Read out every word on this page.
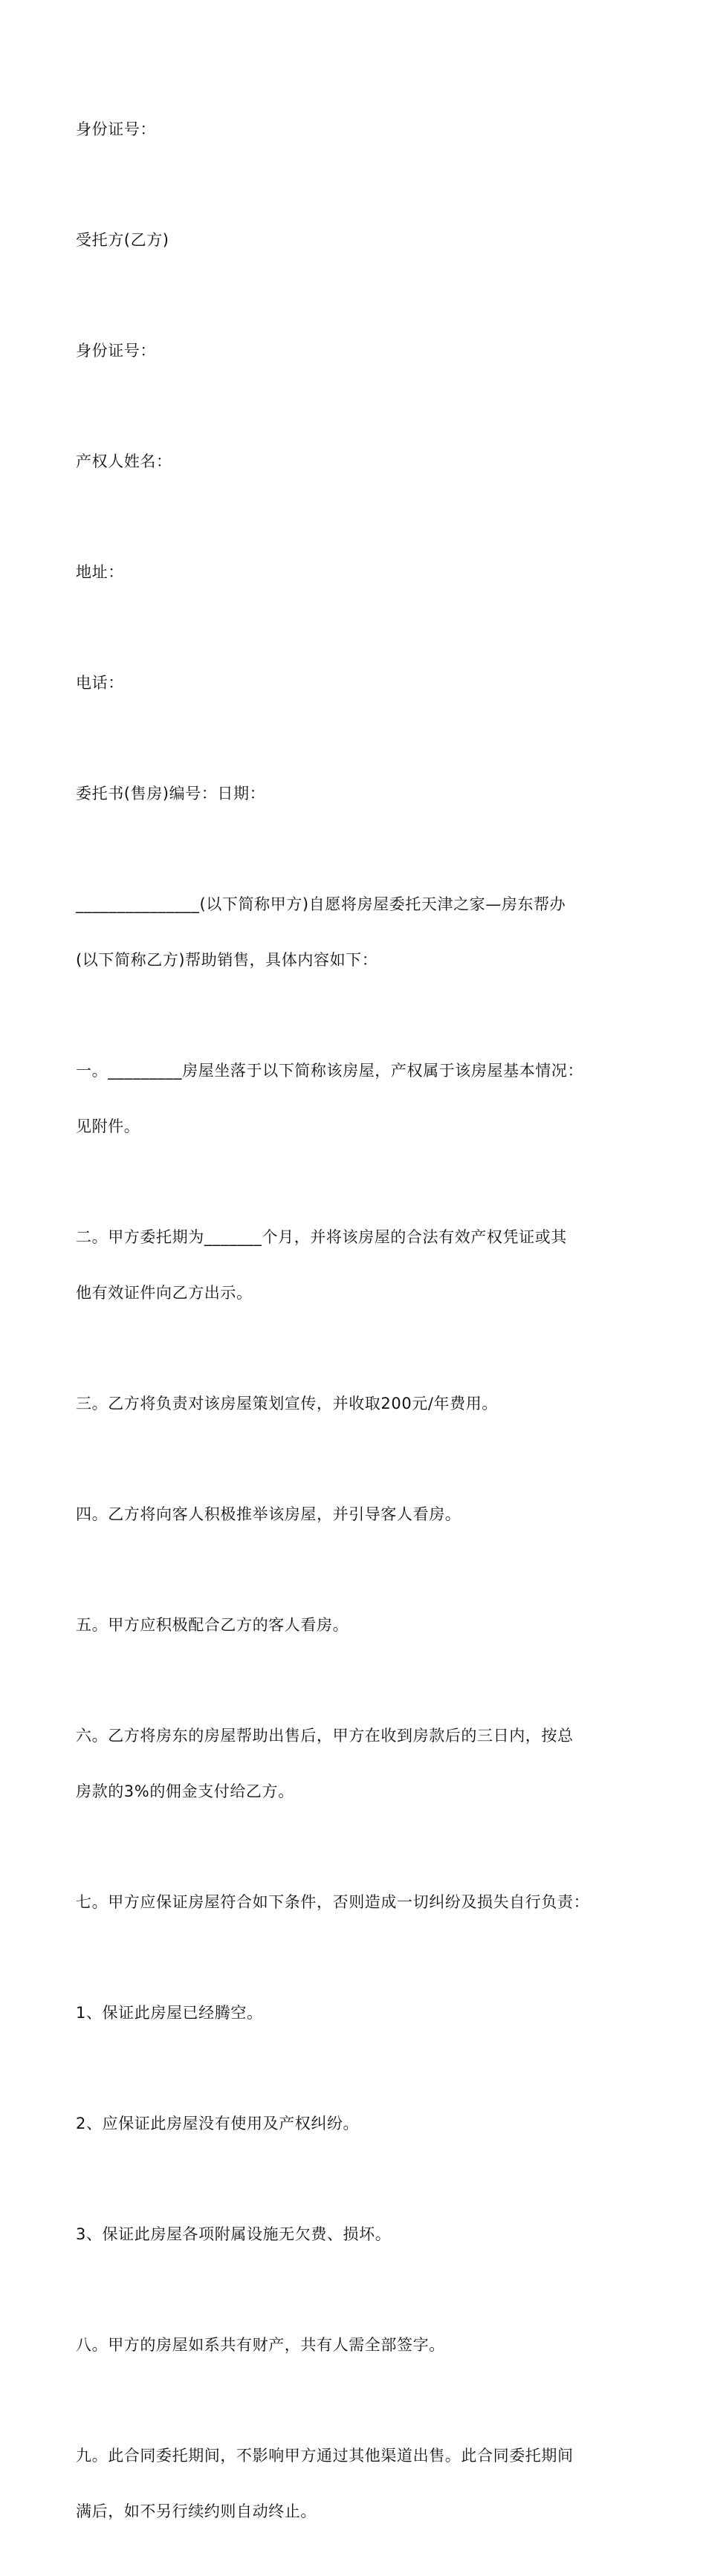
身份证号：

受托方(乙方)

身份证号：

产权人姓名：

地址：

电话：

委托书(售房)编号：日期：

_______________(以下简称甲方)自愿将房屋委托天津之家—房东帮办

(以下简称乙方)帮助销售，具体内容如下：

一。_________房屋坐落于以下简称该房屋，产权属于该房屋基本情况：

见附件。

二。甲方委托期为_______个月，并将该房屋的合法有效产权凭证或其

他有效证件向乙方出示。

三。乙方将负责对该房屋策划宣传，并收取200元/年费用。

四。乙方将向客人积极推举该房屋，并引导客人看房。

五。甲方应积极配合乙方的客人看房。

六。乙方将房东的房屋帮助出售后，甲方在收到房款后的三日内，按总

房款的3%的佣金支付给乙方。

七。甲方应保证房屋符合如下条件，否则造成一切纠纷及损失自行负责：

1、保证此房屋已经腾空。

2、应保证此房屋没有使用及产权纠纷。

3、保证此房屋各项附属设施无欠费、损坏。

八。甲方的房屋如系共有财产，共有人需全部签字。

九。此合同委托期间，不影响甲方通过其他渠道出售。此合同委托期间

满后，如不另行续约则自动终止。
